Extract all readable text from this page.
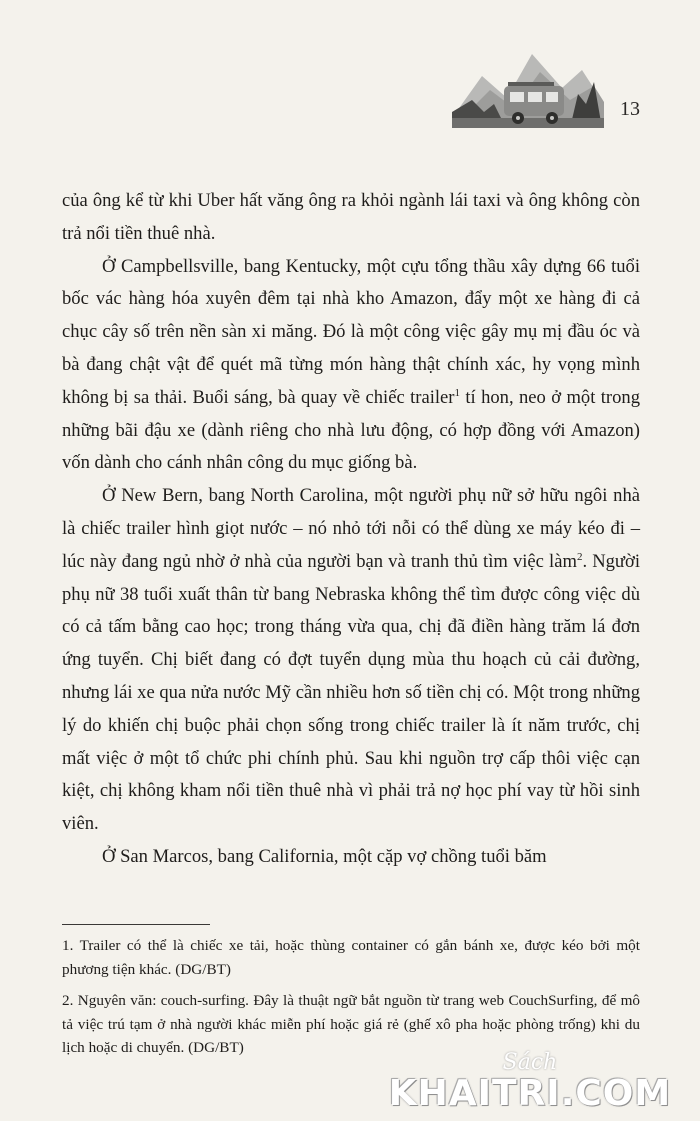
13

của ông kể từ khi Uber hất văng ông ra khỏi ngành lái taxi và ông không còn trả nổi tiền thuê nhà.

Ở Campbellsville, bang Kentucky, một cựu tổng thầu xây dựng 66 tuổi bốc vác hàng hóa xuyên đêm tại nhà kho Amazon, đẩy một xe hàng đi cả chục cây số trên nền sàn xi măng. Đó là một công việc gây mụ mị đầu óc và bà đang chật vật để quét mã từng món hàng thật chính xác, hy vọng mình không bị sa thải. Buổi sáng, bà quay về chiếc trailer$^1$ tí hon, neo ở một trong những bãi đậu xe (dành riêng cho nhà lưu động, có hợp đồng với Amazon) vốn dành cho cánh nhân công du mục giống bà.

Ở New Bern, bang North Carolina, một người phụ nữ sở hữu ngôi nhà là chiếc trailer hình giọt nước – nó nhỏ tới nỗi có thể dùng xe máy kéo đi – lúc này đang ngủ nhờ ở nhà của người bạn và tranh thủ tìm việc làm$^2$. Người phụ nữ 38 tuổi xuất thân từ bang Nebraska không thể tìm được công việc dù có cả tấm bằng cao học; trong tháng vừa qua, chị đã điền hàng trăm lá đơn ứng tuyển. Chị biết đang có đợt tuyển dụng mùa thu hoạch củ cải đường, nhưng lái xe qua nửa nước Mỹ cần nhiều hơn số tiền chị có. Một trong những lý do khiến chị buộc phải chọn sống trong chiếc trailer là ít năm trước, chị mất việc ở một tổ chức phi chính phủ. Sau khi nguồn trợ cấp thôi việc cạn kiệt, chị không kham nổi tiền thuê nhà vì phải trả nợ học phí vay từ hồi sinh viên.

Ở San Marcos, bang California, một cặp vợ chồng tuổi băm

1. Trailer có thể là chiếc xe tải, hoặc thùng container có gắn bánh xe, được kéo bởi một phương tiện khác. (DG/BT)

2. Nguyên văn: couch-surfing. Đây là thuật ngữ bắt nguồn từ trang web CouchSurfing, để mô tả việc trú tạm ở nhà người khác miễn phí hoặc giá rẻ (ghế xô pha hoặc phòng trống) khi du lịch hoặc di chuyển. (DG/BT)

Sách
KHAITRI.COM
